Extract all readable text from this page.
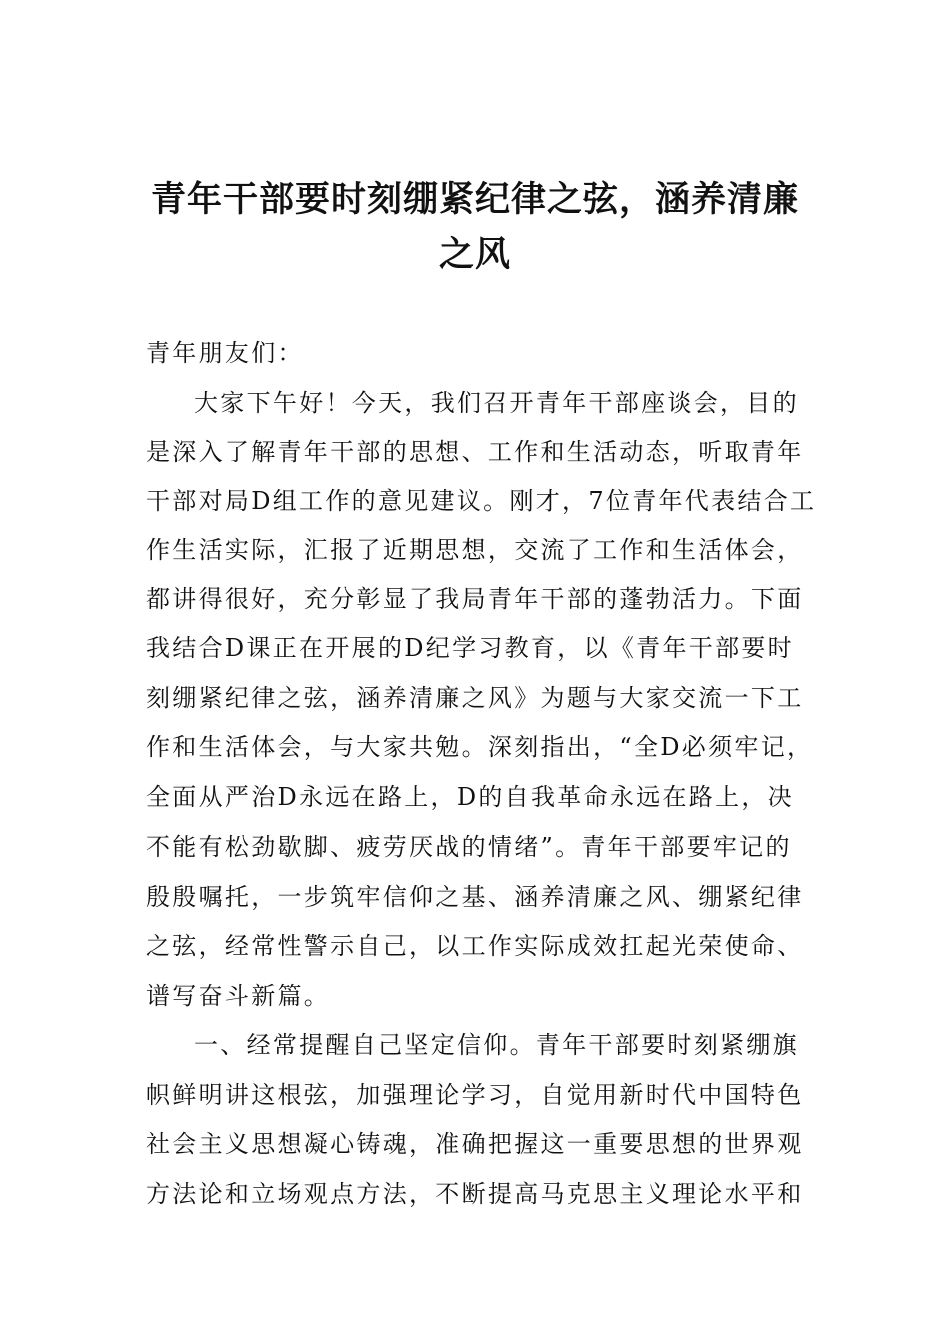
青年干部要时刻绷紧纪律之弦，涵养清廉
之风
青年朋友们：
大家下午好！今天，我们召开青年干部座谈会，目的
是深入了解青年干部的思想、工作和生活动态，听取青年
干部对局D组工作的意见建议。刚才，7位青年代表结合工
作生活实际，汇报了近期思想，交流了工作和生活体会，
都讲得很好，充分彰显了我局青年干部的蓬勃活力。下面
我结合D课正在开展的D纪学习教育，以《青年干部要时
刻绷紧纪律之弦，涵养清廉之风》为题与大家交流一下工
作和生活体会，与大家共勉。深刻指出，“全D必须牢记，
全面从严治D永远在路上，D的自我革命永远在路上，决
不能有松劲歇脚、疲劳厌战的情绪”。青年干部要牢记的
殷殷嘱托，一步筑牢信仰之基、涵养清廉之风、绷紧纪律
之弦，经常性警示自己，以工作实际成效扛起光荣使命、
谱写奋斗新篇。
一、经常提醒自己坚定信仰。青年干部要时刻紧绷旗
帜鲜明讲这根弦，加强理论学习，自觉用新时代中国特色
社会主义思想凝心铸魂，准确把握这一重要思想的世界观
方法论和立场观点方法，不断提高马克思主义理论水平和
